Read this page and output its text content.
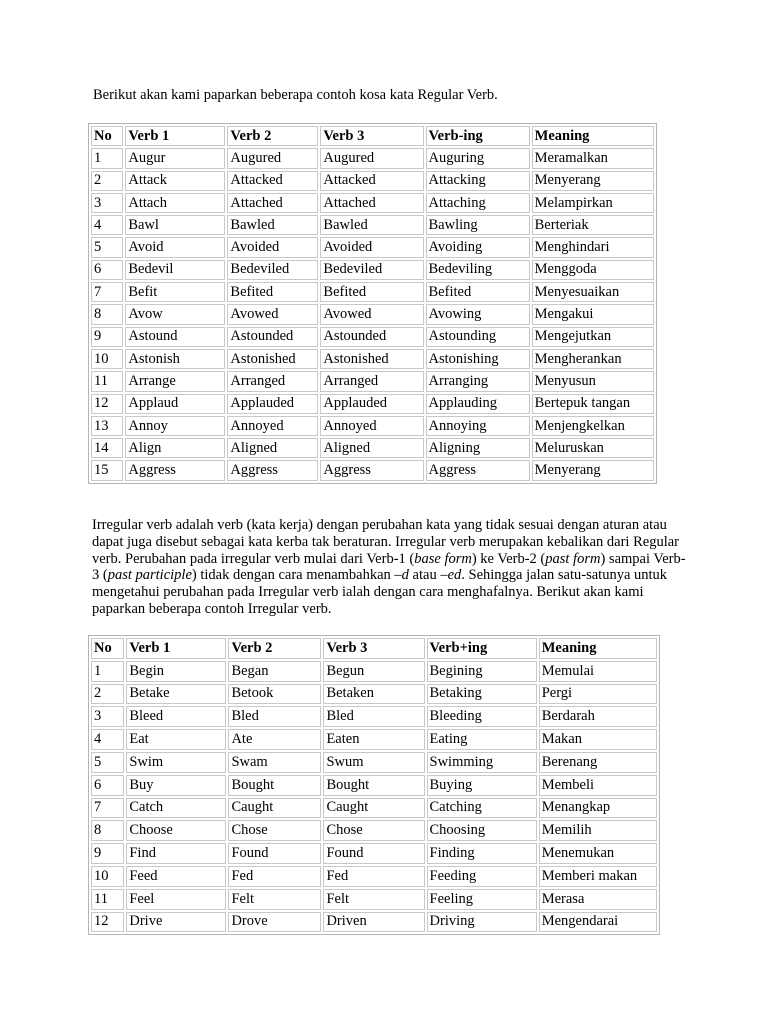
Berikut akan kami paparkan beberapa contoh kosa kata Regular Verb.

No	Verb 1	Verb 2	Verb 3	Verb-ing	Meaning
1	Augur	Augured	Augured	Auguring	Meramalkan
2	Attack	Attacked	Attacked	Attacking	Menyerang
3	Attach	Attached	Attached	Attaching	Melampirkan
4	Bawl	Bawled	Bawled	Bawling	Berteriak
5	Avoid	Avoided	Avoided	Avoiding	Menghindari
6	Bedevil	Bedeviled	Bedeviled	Bedeviling	Menggoda
7	Befit	Befited	Befited	Befited	Menyesuaikan
8	Avow	Avowed	Avowed	Avowing	Mengakui
9	Astound	Astounded	Astounded	Astounding	Mengejutkan
10	Astonish	Astonished	Astonished	Astonishing	Mengherankan
11	Arrange	Arranged	Arranged	Arranging	Menyusun
12	Applaud	Applauded	Applauded	Applauding	Bertepuk tangan
13	Annoy	Annoyed	Annoyed	Annoying	Menjengkelkan
14	Align	Aligned	Aligned	Aligning	Meluruskan
15	Aggress	Aggress	Aggress	Aggress	Menyerang

Irregular verb adalah verb (kata kerja) dengan perubahan kata yang tidak sesuai dengan aturan atau dapat juga disebut sebagai kata kerba tak beraturan. Irregular verb merupakan kebalikan dari Regular verb. Perubahan pada irregular verb mulai dari Verb-1 (base form) ke Verb-2 (past form) sampai Verb-3 (past participle) tidak dengan cara menambahkan –d atau –ed. Sehingga jalan satu-satunya untuk mengetahui perubahan pada Irregular verb ialah dengan cara menghafalnya. Berikut akan kami paparkan beberapa contoh Irregular verb.

No	Verb 1	Verb 2	Verb 3	Verb+ing	Meaning
1	Begin	Began	Begun	Begining	Memulai
2	Betake	Betook	Betaken	Betaking	Pergi
3	Bleed	Bled	Bled	Bleeding	Berdarah
4	Eat	Ate	Eaten	Eating	Makan
5	Swim	Swam	Swum	Swimming	Berenang
6	Buy	Bought	Bought	Buying	Membeli
7	Catch	Caught	Caught	Catching	Menangkap
8	Choose	Chose	Chose	Choosing	Memilih
9	Find	Found	Found	Finding	Menemukan
10	Feed	Fed	Fed	Feeding	Memberi makan
11	Feel	Felt	Felt	Feeling	Merasa
12	Drive	Drove	Driven	Driving	Mengendarai
